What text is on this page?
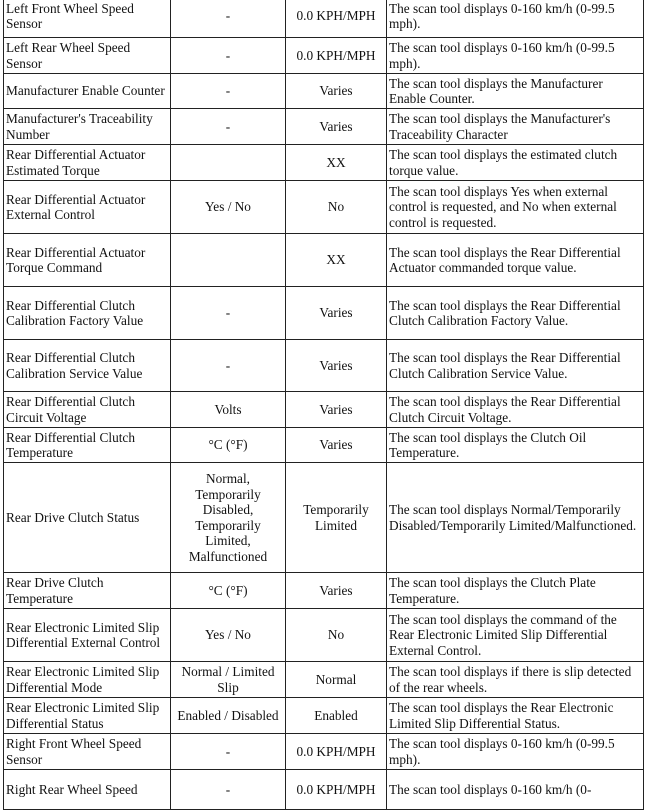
Left Front Wheel Speed Sensor	-	0.0 KPH/MPH	The scan tool displays 0-160 km/h (0-99.5 mph).
Left Rear Wheel Speed Sensor	-	0.0 KPH/MPH	The scan tool displays 0-160 km/h (0-99.5 mph).
Manufacturer Enable Counter	-	Varies	The scan tool displays the Manufacturer Enable Counter.
Manufacturer's Traceability Number	-	Varies	The scan tool displays the Manufacturer's Traceability Character
Rear Differential Actuator Estimated Torque		XX	The scan tool displays the estimated clutch torque value.
Rear Differential Actuator External Control	Yes / No	No	The scan tool displays Yes when external control is requested, and No when external control is requested.
Rear Differential Actuator Torque Command		XX	The scan tool displays the Rear Differential Actuator commanded torque value.
Rear Differential Clutch Calibration Factory Value	-	Varies	The scan tool displays the Rear Differential Clutch Calibration Factory Value.
Rear Differential Clutch Calibration Service Value	-	Varies	The scan tool displays the Rear Differential Clutch Calibration Service Value.
Rear Differential Clutch Circuit Voltage	Volts	Varies	The scan tool displays the Rear Differential Clutch Circuit Voltage.
Rear Differential Clutch Temperature	°C (°F)	Varies	The scan tool displays the Clutch Oil Temperature.
Rear Drive Clutch Status	Normal, Temporarily Disabled, Temporarily Limited, Malfunctioned	Temporarily Limited	The scan tool displays Normal/Temporarily Disabled/Temporarily Limited/Malfunctioned.
Rear Drive Clutch Temperature	°C (°F)	Varies	The scan tool displays the Clutch Plate Temperature.
Rear Electronic Limited Slip Differential External Control	Yes / No	No	The scan tool displays the command of the Rear Electronic Limited Slip Differential External Control.
Rear Electronic Limited Slip Differential Mode	Normal / Limited Slip	Normal	The scan tool displays if there is slip detected of the rear wheels.
Rear Electronic Limited Slip Differential Status	Enabled / Disabled	Enabled	The scan tool displays the Rear Electronic Limited Slip Differential Status.
Right Front Wheel Speed Sensor	-	0.0 KPH/MPH	The scan tool displays 0-160 km/h (0-99.5 mph).
Right Rear Wheel Speed	-	0.0 KPH/MPH	The scan tool displays 0-160 km/h (0-
